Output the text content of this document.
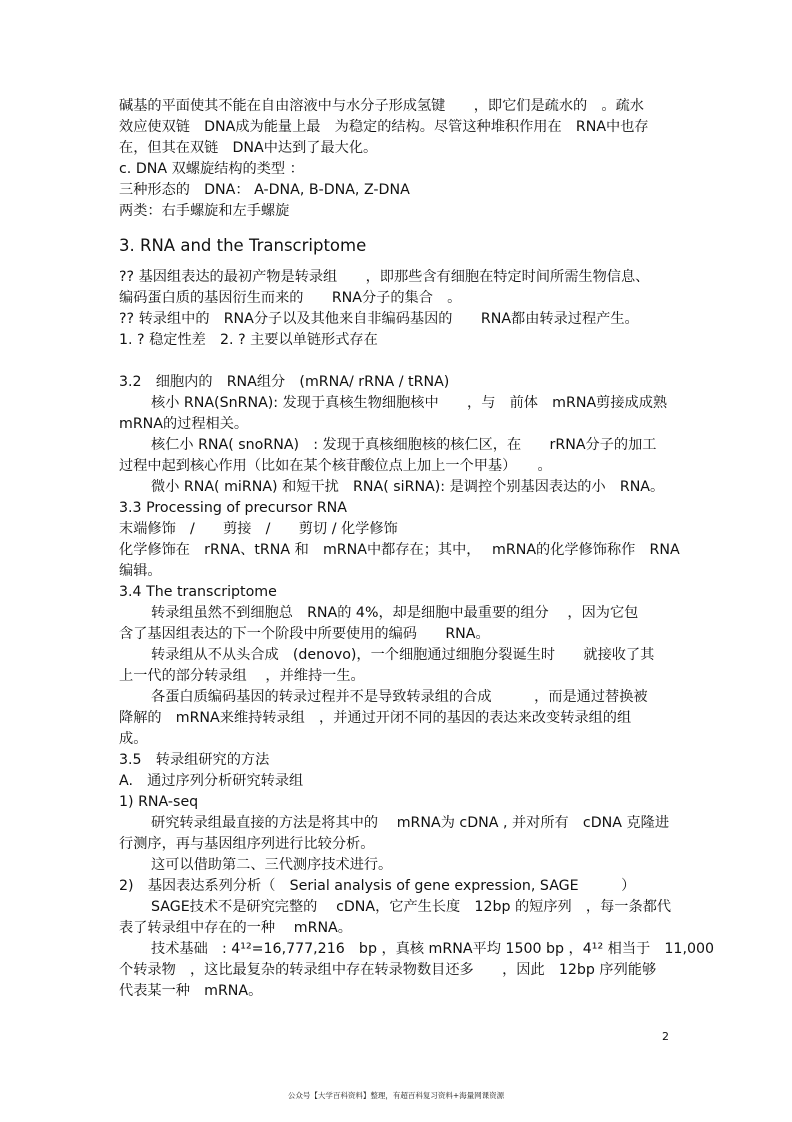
碱基的平面使其不能在自由溶液中与水分子形成氢键　　，即它们是疏水的　。疏水
效应使双链　DNA成为能量上最　为稳定的结构。尽管这种堆积作用在　RNA中也存
在，但其在双链　DNA中达到了最大化。
c. DNA 双螺旋结构的类型 ：
三种形态的　DNA： A-DNA, B-DNA, Z-DNA
两类：右手螺旋和左手螺旋
3. RNA and the Transcriptome
?? 基因组表达的最初产物是转录组　　，即那些含有细胞在特定时间所需生物信息、
编码蛋白质的基因衍生而来的　　RNA分子的集合　。
?? 转录组中的　RNA分子以及其他来自非编码基因的　　RNA都由转录过程产生。
1. ? 稳定性差　2. ? 主要以单链形式存在
3.2　细胞内的　RNA组分　(mRNA/ rRNA / tRNA)
核小 RNA(SnRNA): 发现于真核生物细胞核中　　，与　前体　mRNA剪接成成熟
mRNA的过程相关。
核仁小 RNA( snoRNA)　: 发现于真核细胞核的核仁区，在　　rRNA分子的加工
过程中起到核心作用（比如在某个核苷酸位点上加上一个甲基）　　。
微小 RNA( miRNA) 和短干扰　RNA( siRNA): 是调控个别基因表达的小　RNA。
3.3 Processing of precursor RNA
末端修饰　/　　剪接　/　　剪切 / 化学修饰
化学修饰在　rRNA、tRNA 和　mRNA中都存在；其中，　 mRNA的化学修饰称作　RNA
编辑。
3.4 The transcriptome
转录组虽然不到细胞总　RNA的 4%，却是细胞中最重要的组分　 ，因为它包
含了基因组表达的下一个阶段中所要使用的编码　　RNA。
转录组从不从头合成　(denovo)，一个细胞通过细胞分裂诞生时　　就接收了其
上一代的部分转录组　 ，并维持一生。
各蛋白质编码基因的转录过程并不是导致转录组的合成　　　，而是通过替换被
降解的　mRNA来维持转录组　，并通过开闭不同的基因的表达来改变转录组的组
成。
3.5　转录组研究的方法
A.　通过序列分析研究转录组
1) RNA-seq
研究转录组最直接的方法是将其中的　 mRNA为 cDNA , 并对所有　cDNA 克隆进
行测序，再与基因组序列进行比较分析。
这可以借助第二、三代测序技术进行。
2)　基因表达系列分析（　Serial analysis of gene expression, SAGE　　　）
SAGE技术不是研究完整的　 cDNA，它产生长度　12bp 的短序列　，每一条都代
表了转录组中存在的一种　 mRNA。
技术基础　: 4¹²=16,777,216　bp ，真核 mRNA平均 1500 bp ，4¹² 相当于　11,000
个转录物　，这比最复杂的转录组中存在转录物数目还多　　，因此　12bp 序列能够
代表某一种　mRNA。
2
公众号【大学百科资料】整理，有超百科复习资料+海量网课资源
